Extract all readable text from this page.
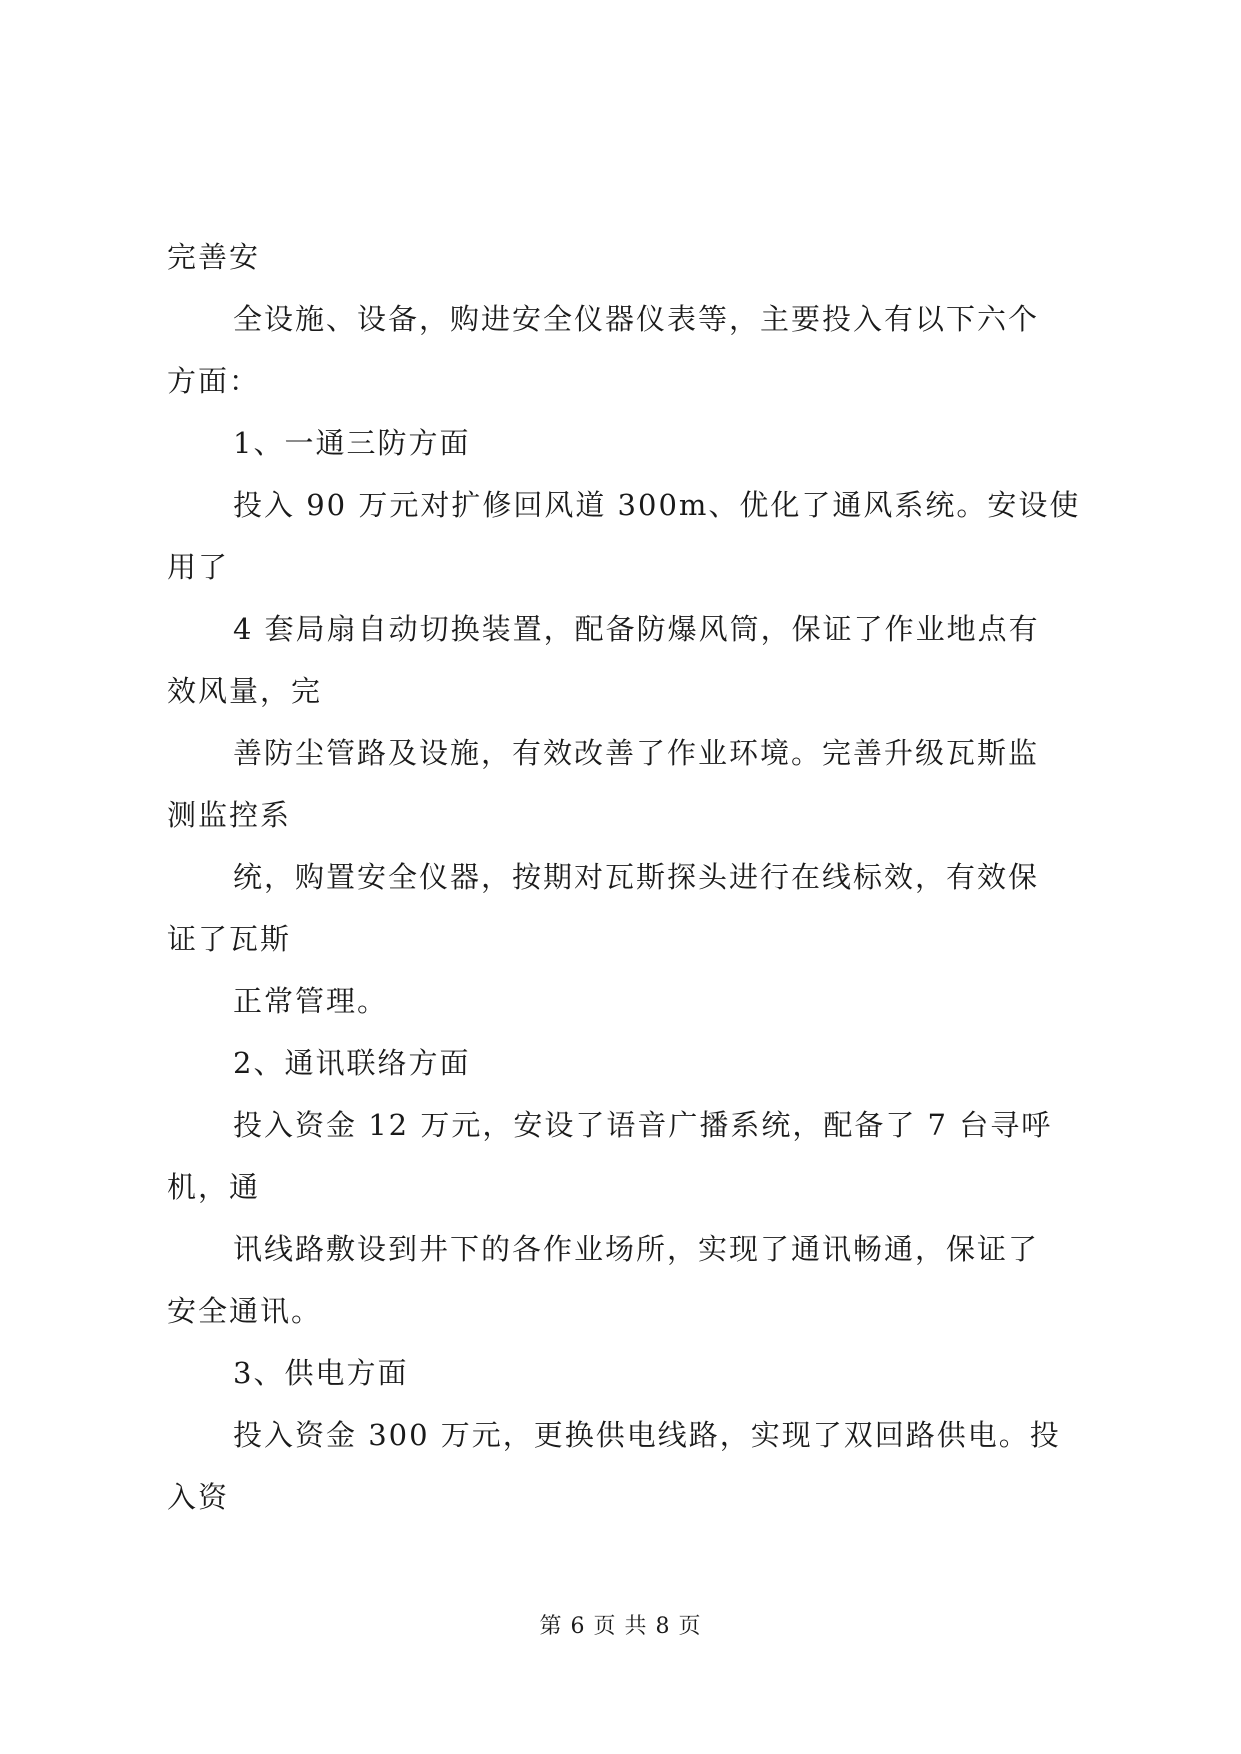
完善安
全设施、设备，购进安全仪器仪表等，主要投入有以下六个
方面：
1、一通三防方面
投入 90 万元对扩修回风道 300m、优化了通风系统。安设使
用了
4 套局扇自动切换装置，配备防爆风筒，保证了作业地点有
效风量，完
善防尘管路及设施，有效改善了作业环境。完善升级瓦斯监
测监控系
统，购置安全仪器，按期对瓦斯探头进行在线标效，有效保
证了瓦斯
正常管理。
2、通讯联络方面
投入资金 12 万元，安设了语音广播系统，配备了 7 台寻呼
机，通
讯线路敷设到井下的各作业场所，实现了通讯畅通，保证了
安全通讯。
3、供电方面
投入资金 300 万元，更换供电线路，实现了双回路供电。投
入资
第 6 页 共 8 页
